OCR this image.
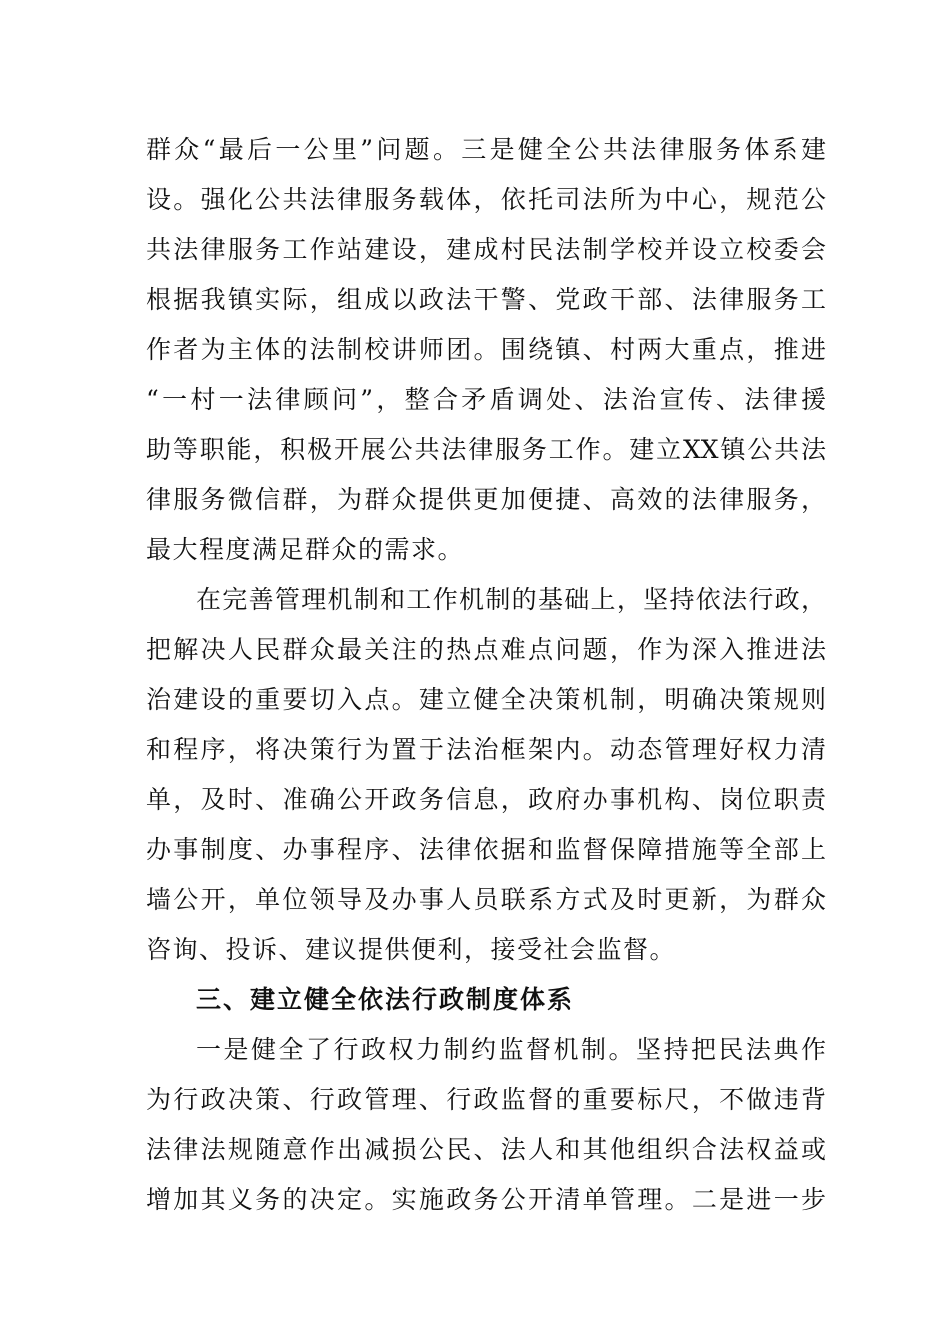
群众“最后一公里”问题。三是健全公共法律服务体系建
设。强化公共法律服务载体，依托司法所为中心，规范公
共法律服务工作站建设，建成村民法制学校并设立校委会
根据我镇实际，组成以政法干警、党政干部、法律服务工
作者为主体的法制校讲师团。围绕镇、村两大重点，推进
“一村一法律顾问”，整合矛盾调处、法治宣传、法律援
助等职能，积极开展公共法律服务工作。建立XX镇公共法
律服务微信群，为群众提供更加便捷、高效的法律服务，
最大程度满足群众的需求。
在完善管理机制和工作机制的基础上，坚持依法行政，
把解决人民群众最关注的热点难点问题，作为深入推进法
治建设的重要切入点。建立健全决策机制，明确决策规则
和程序，将决策行为置于法治框架内。动态管理好权力清
单，及时、准确公开政务信息，政府办事机构、岗位职责
办事制度、办事程序、法律依据和监督保障措施等全部上
墙公开，单位领导及办事人员联系方式及时更新，为群众
咨询、投诉、建议提供便利，接受社会监督。
三、建立健全依法行政制度体系
一是健全了行政权力制约监督机制。坚持把民法典作
为行政决策、行政管理、行政监督的重要标尺，不做违背
法律法规随意作出减损公民、法人和其他组织合法权益或
增加其义务的决定。实施政务公开清单管理。二是进一步
